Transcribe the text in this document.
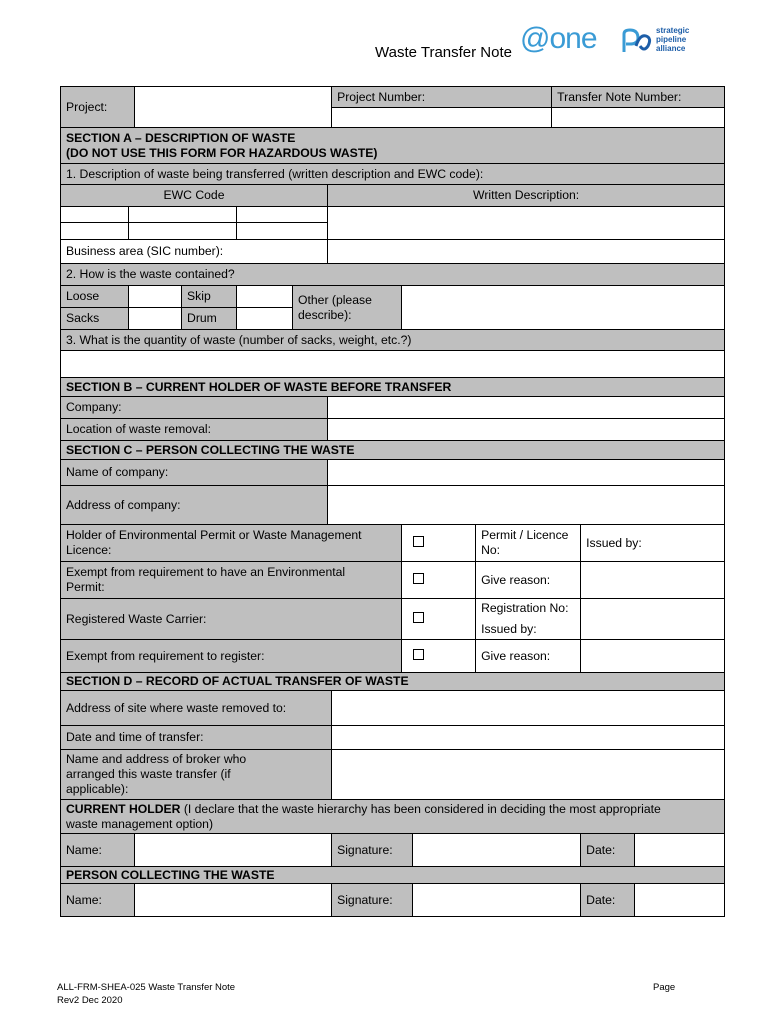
Waste Transfer Note @one	strategic
pipeline
alliance
Project:							Project Number:				Transfer Note Number:		

SECTION A – DESCRIPTION OF WASTE
(DO NOT USE THIS FORM FOR HAZARDOUS WASTE)													

1. Description of waste being transferred (written description and EWC code):													
EWC Code						Written Description:							

Business area (SIC number):													
2. How is the waste contained?													
Loose			Skip		Other (please
describe):								

Sacks			Drum										
3. What is the quantity of waste (number of sacks, weight, etc.?)													

SECTION B – CURRENT HOLDER OF WASTE BEFORE TRANSFER													
Company:													
Location of waste removal:													
SECTION C – PERSON COLLECTING THE WASTE													
Name of company:													
Address of company:													

Holder of Environmental Permit or Waste Management
Licence:										Permit / Licence No:		Issued by:	

Exempt from requirement to have an Environmental
Permit:										Give reason:			
Registered Waste Carrier:										Registration No:
Issued by:			

Exempt from requirement to register:										Give reason:			
SECTION D – RECORD OF ACTUAL TRANSFER OF WASTE													
Address of site where waste removed to:													
Date and time of transfer:													

Name and address of broker who
arranged this waste transfer (if
applicable):													

CURRENT HOLDER (I declare that the waste hierarchy has been considered in deciding the most appropriate
waste management option)													

Name:							Signature:					Date:	
PERSON COLLECTING THE WASTE													
Name:							Signature:					Date:	
ALL-FRM-SHEA-025 Waste Transfer Note
Rev2 Dec 2020
Page
